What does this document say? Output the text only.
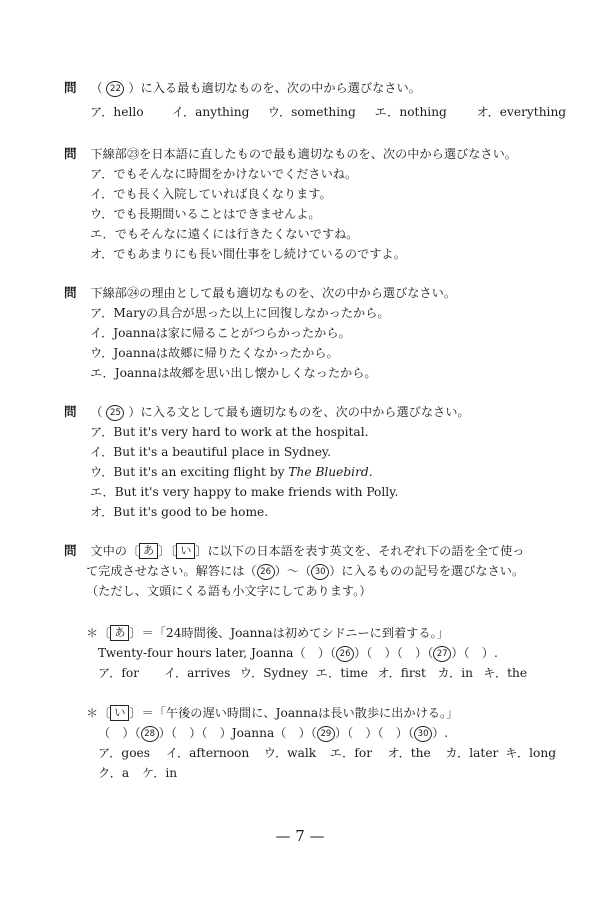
問 （ 22 ）に入る最も適切なものを、次の中から選びなさい。
ア．hello イ．anything ウ．something エ．nothing オ．everything
問 下線部㉓を日本語に直したもので最も適切なものを、次の中から選びなさい。
ア．でもそんなに時間をかけないでくださいね。
イ．でも長く入院していれば良くなります。
ウ．でも長期間いることはできませんよ。
エ．でもそんなに遠くには行きたくないですね。
オ．でもあまりにも長い間仕事をし続けているのですよ。
問 下線部㉔の理由として最も適切なものを、次の中から選びなさい。
ア．Maryの具合が思った以上に回復しなかったから。
イ．Joannaは家に帰ることがつらかったから。
ウ．Joannaは故郷に帰りたくなかったから。
エ．Joannaは故郷を思い出し懐かしくなったから。
問 （ 25 ）に入る文として最も適切なものを、次の中から選びなさい。
ア．But it's very hard to work at the hospital.
イ．But it's a beautiful place in Sydney.
ウ．But it's an exciting flight by The Bluebird.
エ．But it's very happy to make friends with Polly.
オ．But it's good to be home.
問 文中の〔 あ 〕〔 い 〕に以下の日本語を表す英文を、それぞれ下の語を全て使っ
て完成させなさい。解答には（ 26 ）～（ 30 ）に入るものの記号を選びなさい。
（ただし、文頭にくる語も小文字にしてあります。）
＊〔 あ 〕＝「24時間後、Joannaは初めてシドニーに到着する。」
Twenty-four hours later, Joanna（　）（ 26 ）（　）（　）（ 27 ）（　）.
ア．for イ．arrives ウ．Sydney エ．time オ．first カ．in キ．the
＊〔 い 〕＝「午後の遅い時間に、Joannaは長い散歩に出かける。」
（　）（ 28 ）（　）（　）Joanna（　）（ 29 ）（　）（　）（ 30 ）.
ア．goes イ．afternoon ウ．walk エ．for オ．the カ．later キ．long
ク．a ケ．in
— 7 —
